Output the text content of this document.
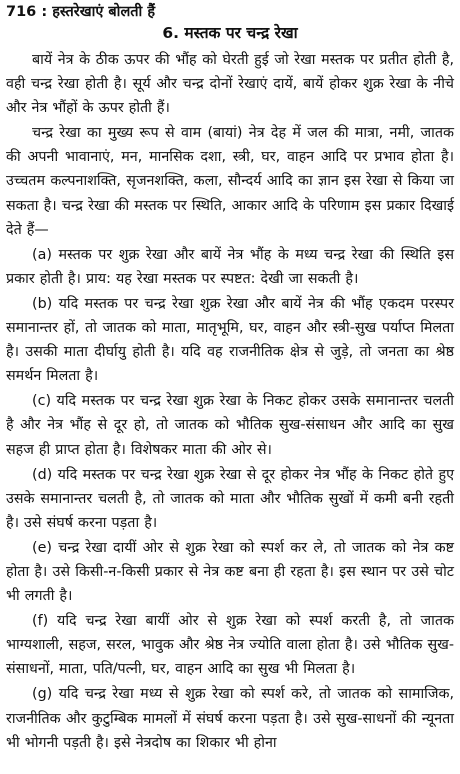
716 : हस्तरेखाएं बोलती हैं
6. मस्तक पर चन्द्र रेखा

बायें नेत्र के ठीक ऊपर की भौंह को घेरती हुई जो रेखा मस्तक पर प्रतीत होती है, वही चन्द्र रेखा होती है। सूर्य और चन्द्र दोनों रेखाएं दायें, बायें होकर शुक्र रेखा के नीचे और नेत्र भौंहों के ऊपर होती हैं।

चन्द्र रेखा का मुख्य रूप से वाम (बायां) नेत्र देह में जल की मात्रा, नमी, जातक की अपनी भावानाएं, मन, मानसिक दशा, स्त्री, घर, वाहन आदि पर प्रभाव होता है। उच्चतम कल्पनाशक्ति, सृजनशक्ति, कला, सौन्दर्य आदि का ज्ञान इस रेखा से किया जा सकता है। चन्द्र रेखा की मस्तक पर स्थिति, आकार आदि के परिणाम इस प्रकार दिखाई देते हैं—

(a) मस्तक पर शुक्र रेखा और बायें नेत्र भौंह के मध्य चन्द्र रेखा की स्थिति इस प्रकार होती है। प्राय: यह रेखा मस्तक पर स्पष्टत: देखी जा सकती है।

(b) यदि मस्तक पर चन्द्र रेखा शुक्र रेखा और बायें नेत्र की भौंह एकदम परस्पर समानान्तर हों, तो जातक को माता, मातृभूमि, घर, वाहन और स्त्री-सुख पर्याप्त मिलता है। उसकी माता दीर्घायु होती है। यदि वह राजनीतिक क्षेत्र से जुड़े, तो जनता का श्रेष्ठ समर्थन मिलता है।

(c) यदि मस्तक पर चन्द्र रेखा शुक्र रेखा के निकट होकर उसके समानान्तर चलती है और नेत्र भौंह से दूर हो, तो जातक को भौतिक सुख-संसाधन और आदि का सुख सहज ही प्राप्त होता है। विशेषकर माता की ओर से।

(d) यदि मस्तक पर चन्द्र रेखा शुक्र रेखा से दूर होकर नेत्र भौंह के निकट होते हुए उसके समानान्तर चलती है, तो जातक को माता और भौतिक सुखों में कमी बनी रहती है। उसे संघर्ष करना पड़ता है।

(e) चन्द्र रेखा दायीं ओर से शुक्र रेखा को स्पर्श कर ले, तो जातक को नेत्र कष्ट होता है। उसे किसी-न-किसी प्रकार से नेत्र कष्ट बना ही रहता है। इस स्थान पर उसे चोट भी लगती है।

(f) यदि चन्द्र रेखा बायीं ओर से शुक्र रेखा को स्पर्श करती है, तो जातक भाग्यशाली, सहज, सरल, भावुक और श्रेष्ठ नेत्र ज्योति वाला होता है। उसे भौतिक सुख-संसाधनों, माता, पति/पत्नी, घर, वाहन आदि का सुख भी मिलता है।

(g) यदि चन्द्र रेखा मध्य से शुक्र रेखा को स्पर्श करे, तो जातक को सामाजिक, राजनीतिक और कुटुम्बिक मामलों में संघर्ष करना पड़ता है। उसे सुख-साधनों की न्यूनता भी भोगनी पड़ती है। इसे नेत्रदोष का शिकार भी होना
